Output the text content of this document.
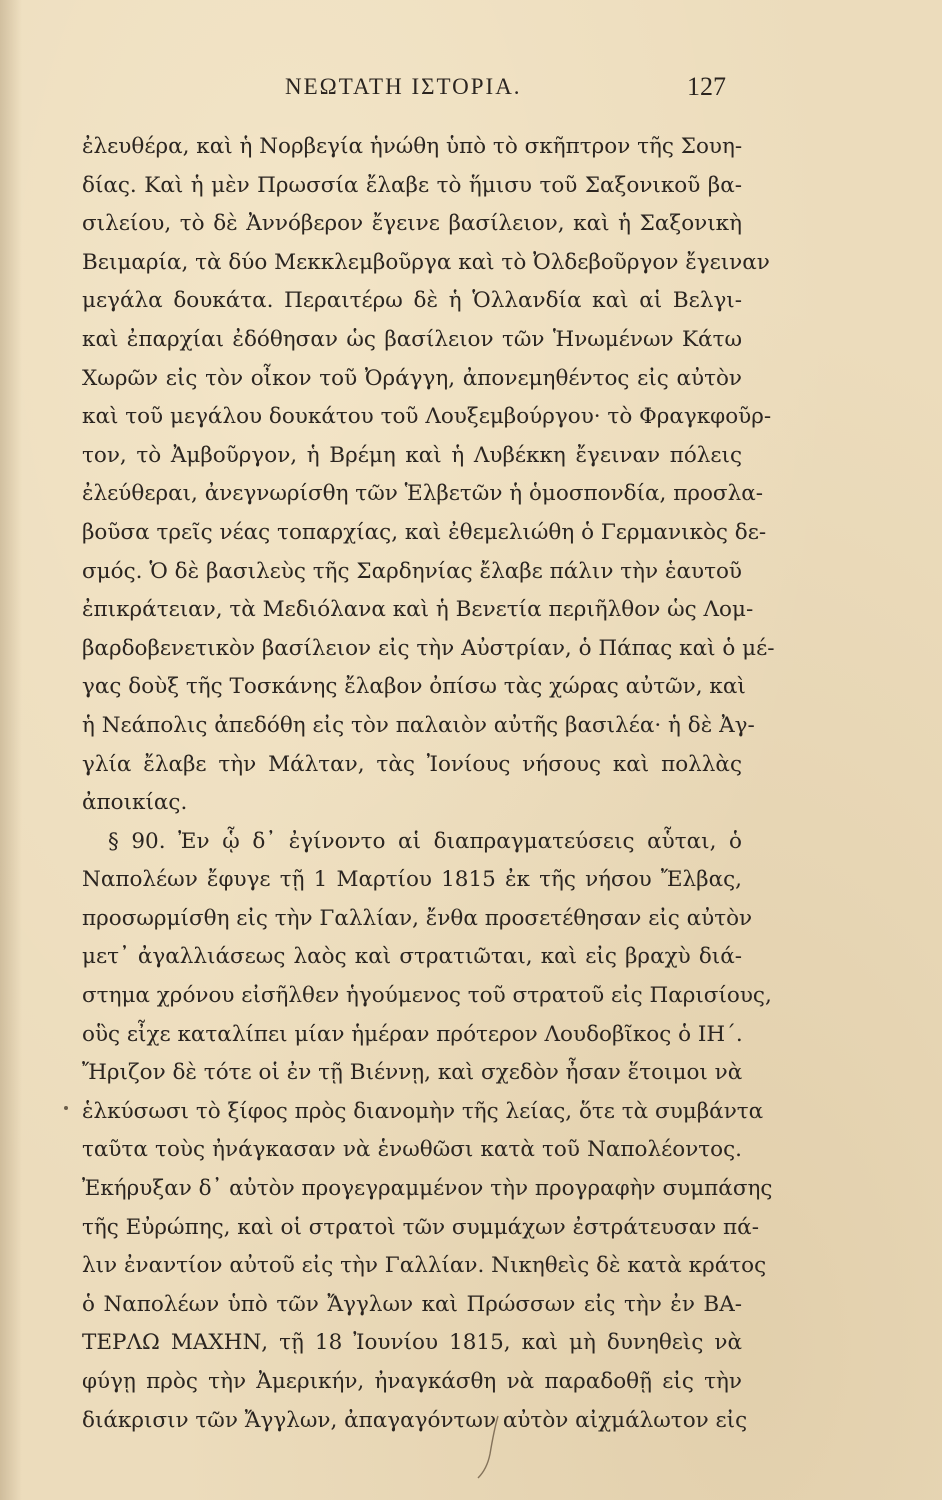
ΝΕΩΤΑΤΗ ΙΣΤΟΡΙΑ.	127
ἐλευθέρα, καὶ ἡ Νορβεγία ἡνώθη ὑπὸ τὸ σκῆπτρον τῆς Σουη-
δίας. Καὶ ἡ μὲν Πρωσσία ἔλαβε τὸ ἥμισυ τοῦ Σαξονικοῦ βα-
σιλείου, τὸ δὲ Ἀννόβερον ἔγεινε βασίλειον, καὶ ἡ Σαξονικὴ
Βειμαρία, τὰ δύο Μεκκλεμβοῦργα καὶ τὸ Ὀλδεβοῦργον ἔγειναν
μεγάλα δουκάτα. Περαιτέρω δὲ ἡ Ὁλλανδία καὶ αἱ Βελγι-
καὶ ἐπαρχίαι ἐδόθησαν ὡς βασίλειον τῶν Ἡνωμένων Κάτω
Χωρῶν εἰς τὸν οἶκον τοῦ Ὀράγγη, ἀπονεμηθέντος εἰς αὐτὸν
καὶ τοῦ μεγάλου δουκάτου τοῦ Λουξεμβούργου· τὸ Φραγκφοῦρ-
τον, τὸ Ἀμβοῦργον, ἡ Βρέμη καὶ ἡ Λυβέκκη ἔγειναν πόλεις
ἐλεύθεραι, ἀνεγνωρίσθη τῶν Ἑλβετῶν ἡ ὁμοσπονδία, προσλα-
βοῦσα τρεῖς νέας τοπαρχίας, καὶ ἐθεμελιώθη ὁ Γερμανικὸς δε-
σμός. Ὁ δὲ βασιλεὺς τῆς Σαρδηνίας ἔλαβε πάλιν τὴν ἑαυτοῦ
ἐπικράτειαν, τὰ Μεδιόλανα καὶ ἡ Βενετία περιῆλθον ὡς Λομ-
βαρδοβενετικὸν βασίλειον εἰς τὴν Αὐστρίαν, ὁ Πάπας καὶ ὁ μέ-
γας δοὺξ τῆς Τοσκάνης ἔλαβον ὀπίσω τὰς χώρας αὐτῶν, καὶ
ἡ Νεάπολις ἀπεδόθη εἰς τὸν παλαιὸν αὐτῆς βασιλέα· ἡ δὲ Ἀγ-
γλία ἔλαβε τὴν Μάλταν, τὰς Ἰονίους νήσους καὶ πολλὰς
ἀποικίας.
§ 90. Ἐν ᾧ δ᾽ ἐγίνοντο αἱ διαπραγματεύσεις αὗται, ὁ
Ναπολέων ἔφυγε τῇ 1 Μαρτίου 1815 ἐκ τῆς νήσου Ἔλβας,
προσωρμίσθη εἰς τὴν Γαλλίαν, ἔνθα προσετέθησαν εἰς αὐτὸν
μετ᾽ ἀγαλλιάσεως λαὸς καὶ στρατιῶται, καὶ εἰς βραχὺ διά-
στημα χρόνου εἰσῆλθεν ἡγούμενος τοῦ στρατοῦ εἰς Παρισίους,
οὓς εἶχε καταλίπει μίαν ἡμέραν πρότερον Λουδοβῖκος ὁ ΙΗ΄.
Ἤριζον δὲ τότε οἱ ἐν τῇ Βιέννῃ, καὶ σχεδὸν ἦσαν ἕτοιμοι νὰ
ἑλκύσωσι τὸ ξίφος πρὸς διανομὴν τῆς λείας, ὅτε τὰ συμβάντα
ταῦτα τοὺς ἠνάγκασαν νὰ ἑνωθῶσι κατὰ τοῦ Ναπολέοντος.
Ἐκήρυξαν δ᾽ αὐτὸν προγεγραμμένον τὴν προγραφὴν συμπάσης
τῆς Εὐρώπης, καὶ οἱ στρατοὶ τῶν συμμάχων ἐστράτευσαν πά-
λιν ἐναντίον αὐτοῦ εἰς τὴν Γαλλίαν. Νικηθεὶς δὲ κατὰ κράτος
ὁ Ναπολέων ὑπὸ τῶν Ἄγγλων καὶ Πρώσσων εἰς τὴν ἐν ΒΑ-
ΤΕΡΛΩ ΜΑΧΗΝ, τῇ 18 Ἰουνίου 1815, καὶ μὴ δυνηθεὶς νὰ
φύγῃ πρὸς τὴν Ἀμερικήν, ἠναγκάσθη νὰ παραδοθῇ εἰς τὴν
διάκρισιν τῶν Ἄγγλων, ἀπαγαγόντων αὐτὸν αἰχμάλωτον εἰς
